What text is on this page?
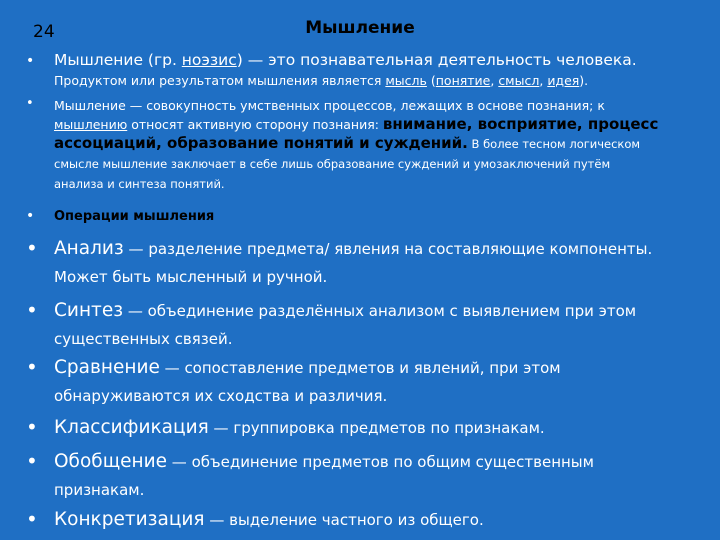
24	Мышление
• Мышление (гр. ноэзис) — это познавательная деятельность человека.
Продуктом или результатом мышления является мысль (понятие, смысл, идея).
• Мышление — совокупность умственных процессов, лежащих в основе познания; к
мышлению относят активную сторону познания: внимание, восприятие, процесс
ассоциаций, образование понятий и суждений. В более тесном логическом
смысле мышление заключает в себе лишь образование суждений и умозаключений путём
анализа и синтеза понятий.
• Операции мышления
• Анализ — разделение предмета/ явления на составляющие компоненты.
Может быть мысленный и ручной.
• Синтез — объединение разделённых анализом с выявлением при этом
существенных связей.
• Сравнение — сопоставление предметов и явлений, при этом
обнаруживаются их сходства и различия.
• Классификация — группировка предметов по признакам.
• Обобщение — объединение предметов по общим существенным
признакам.
• Конкретизация — выделение частного из общего.
